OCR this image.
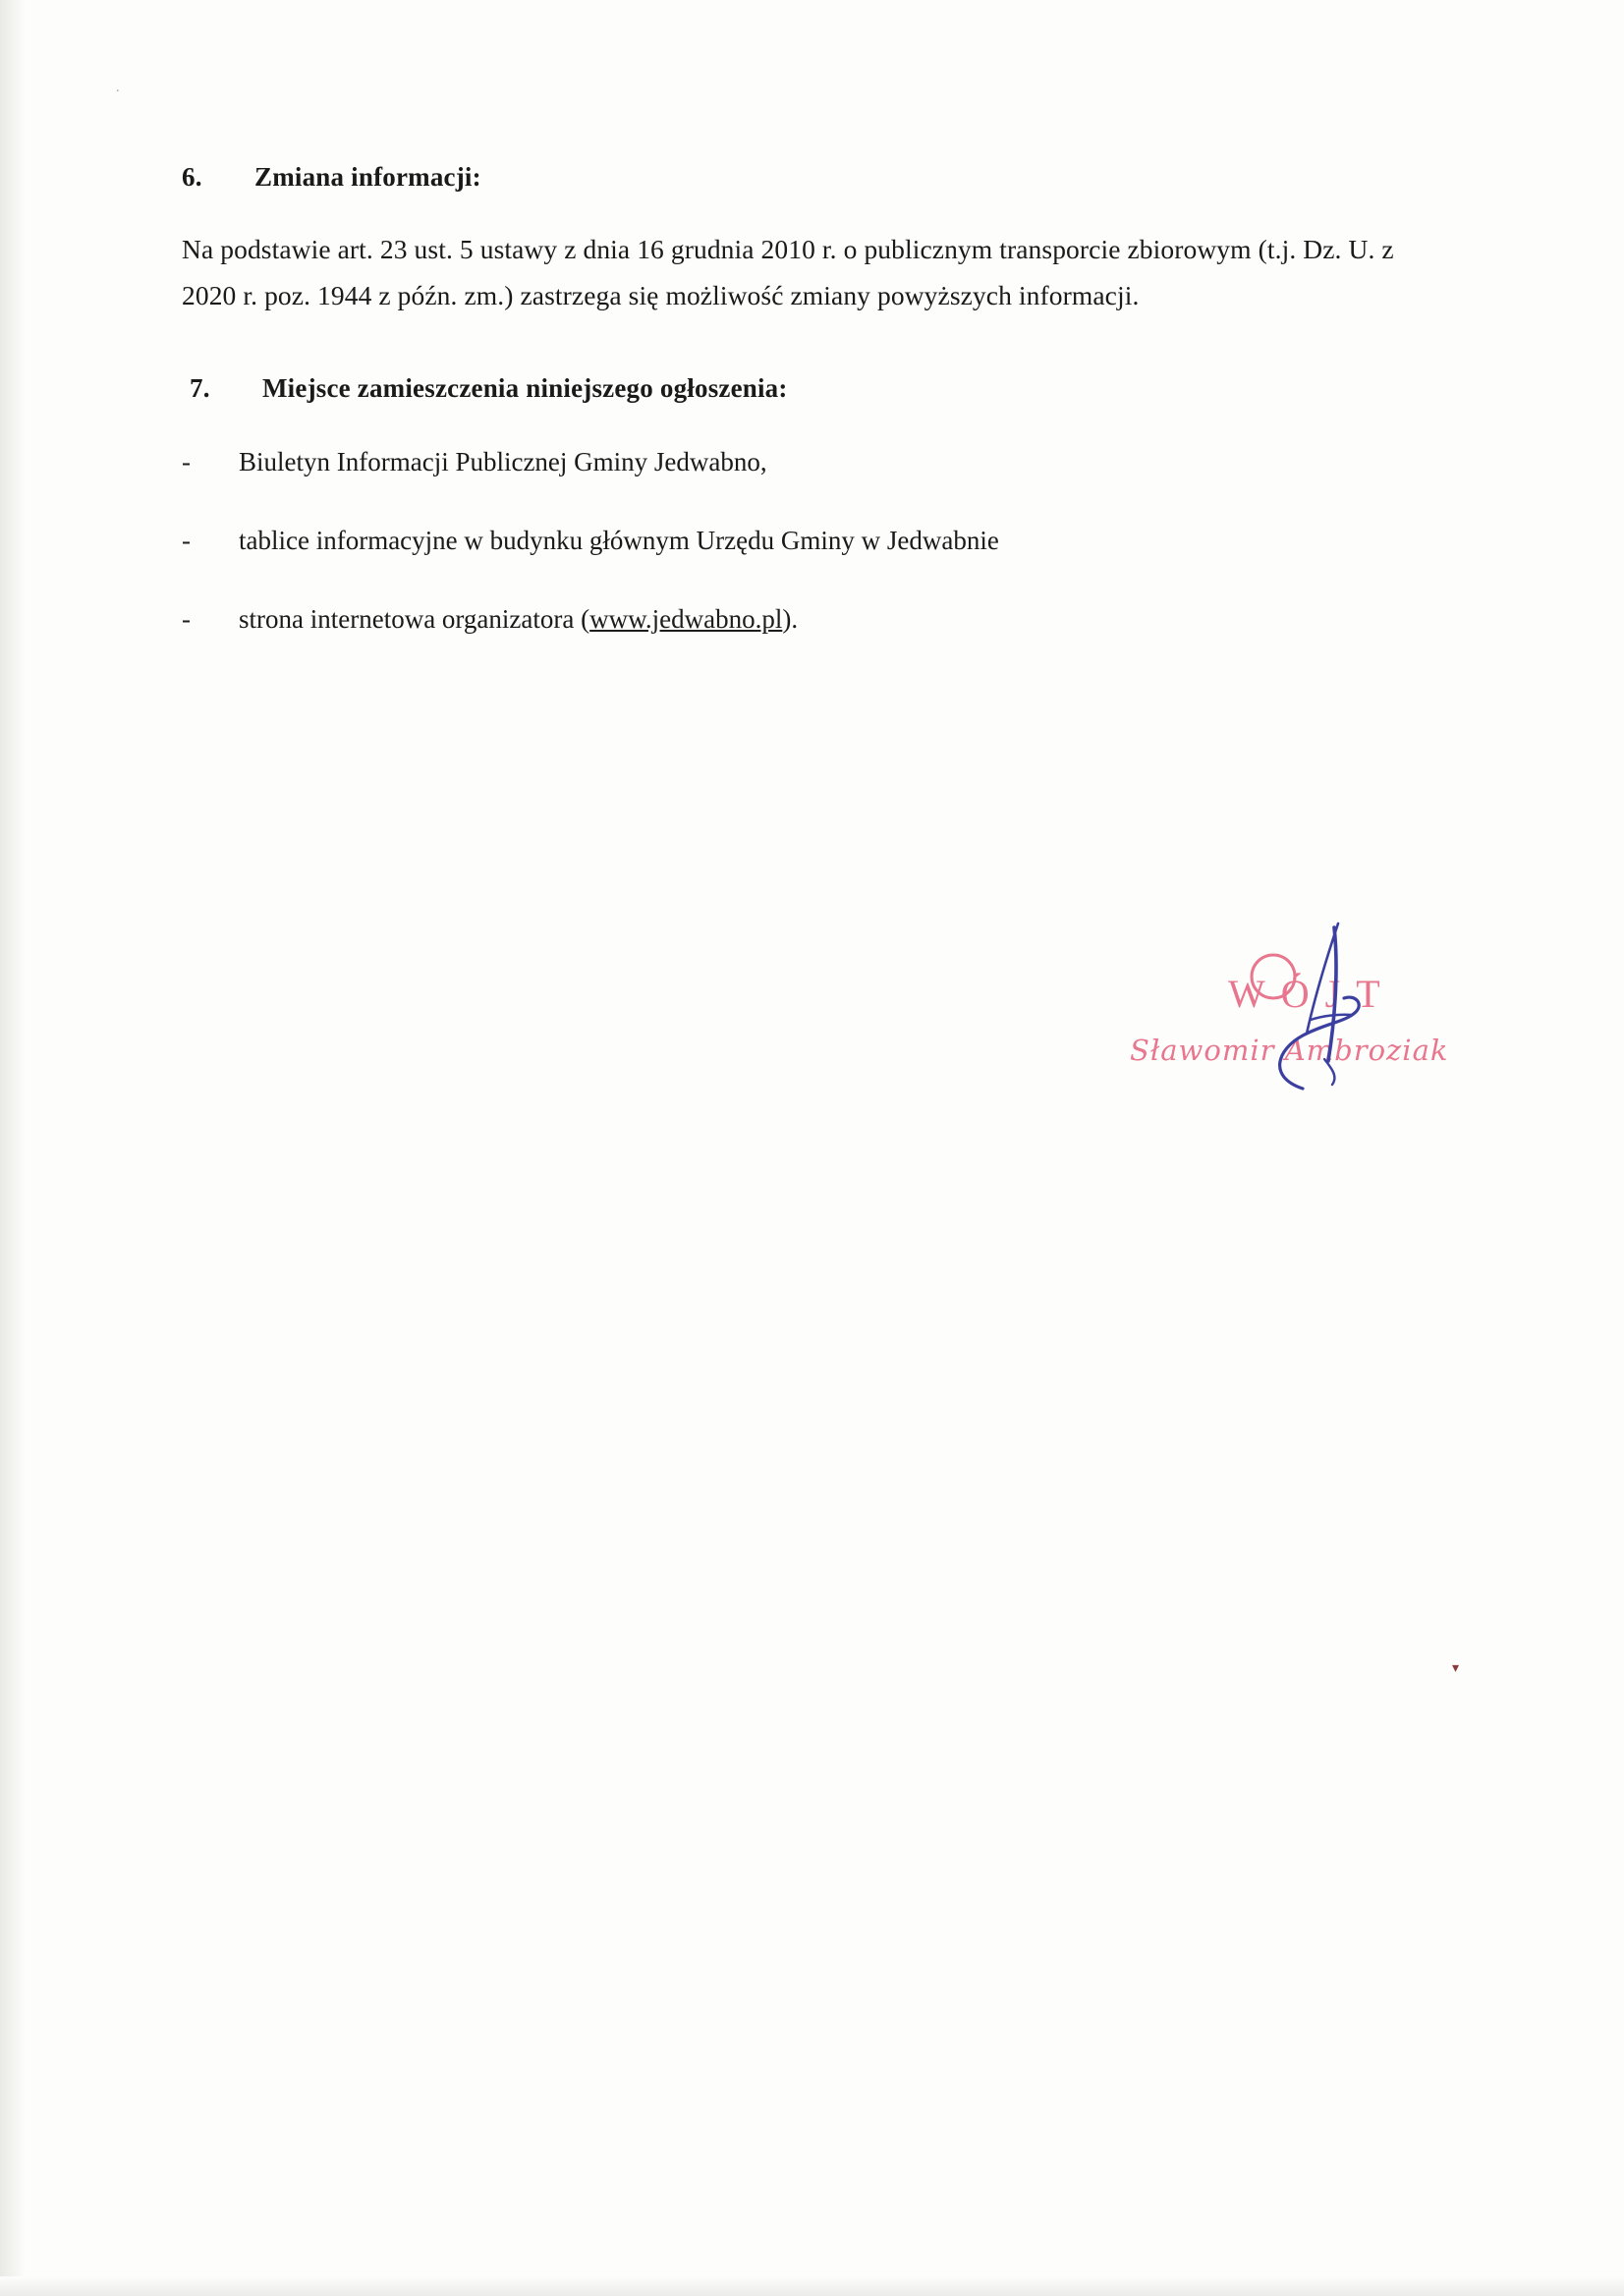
.
▾
6.	Zmiana informacji:

Na podstawie art. 23 ust. 5 ustawy z dnia 16 grudnia 2010 r. o publicznym transporcie zbiorowym (t.j. Dz. U. z 2020 r. poz. 1944 z późn. zm.) zastrzega się możliwość zmiany powyższych informacji.

7.	Miejsce zamieszczenia niniejszego ogłoszenia:
-	Biuletyn Informacji Publicznej Gminy Jedwabno,
-	tablice informacyjne w budynku głównym Urzędu Gminy w Jedwabnie
-	strona internetowa organizatora (www.jedwabno.pl).
WÓJT
Sławomir Ambroziak
